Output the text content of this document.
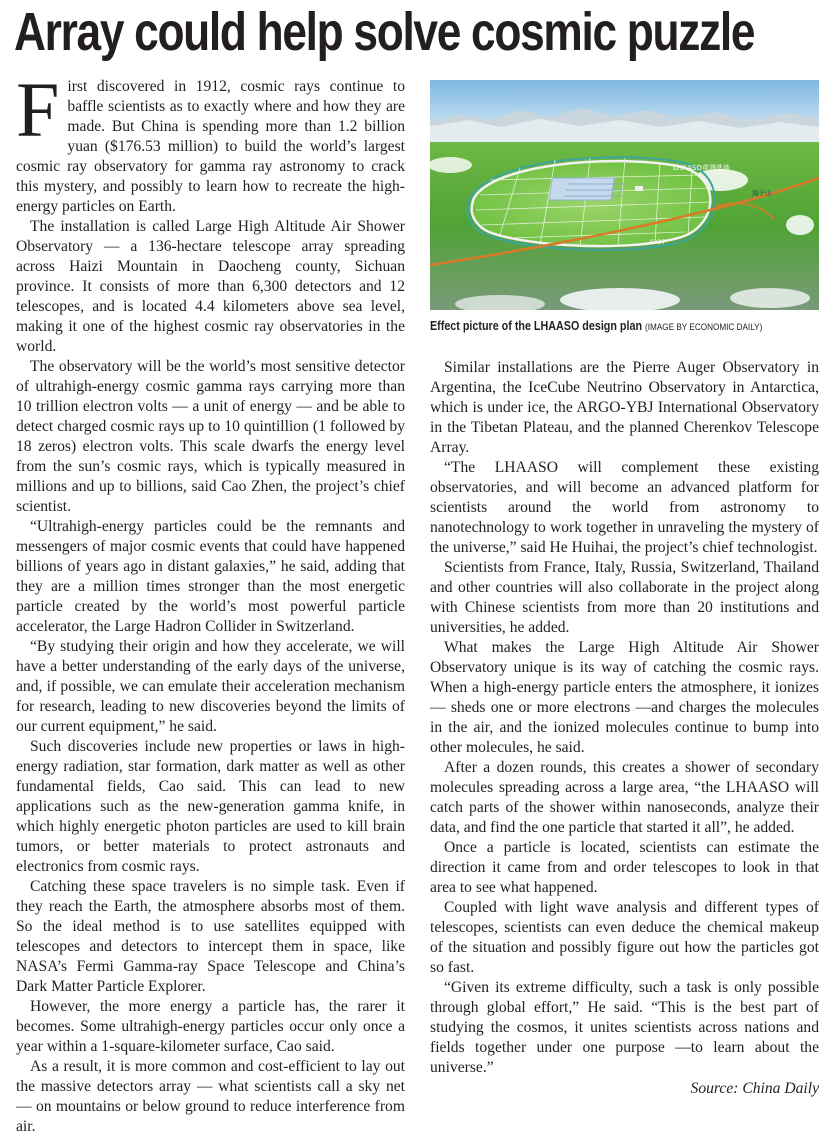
Array could help solve cosmic puzzle

First discovered in 1912, cosmic rays continue to baffle scientists as to exactly where and how they are made. But China is spending more than 1.2 billion yuan ($176.53 million) to build the world’s largest cosmic ray observatory for gamma ray astronomy to crack this mystery, and possibly to learn how to recreate the high-energy particles on Earth.

The installation is called Large High Altitude Air Shower Observatory — a 136-hectare telescope array spreading across Haizi Mountain in Daocheng county, Sichuan province. It consists of more than 6,300 detectors and 12 telescopes, and is located 4.4 kilometers above sea level, making it one of the highest cosmic ray observatories in the world.

The observatory will be the world’s most sensitive detector of ultrahigh-energy cosmic gamma rays carrying more than 10 trillion electron volts — a unit of energy — and be able to detect charged cosmic rays up to 10 quintillion (1 followed by 18 zeros) electron volts. This scale dwarfs the energy level from the sun’s cosmic rays, which is typically measured in millions and up to billions, said Cao Zhen, the project’s chief scientist.

“Ultrahigh-energy particles could be the remnants and messengers of major cosmic events that could have happened billions of years ago in distant galaxies,” he said, adding that they are a million times stronger than the most energetic particle created by the world’s most powerful particle accelerator, the Large Hadron Collider in Switzerland.

“By studying their origin and how they accelerate, we will have a better understanding of the early days of the universe, and, if possible, we can emulate their acceleration mechanism for research, leading to new discoveries beyond the limits of our current equipment,” he said.

Such discoveries include new properties or laws in high-energy radiation, star formation, dark matter as well as other fundamental fields, Cao said. This can lead to new applications such as the new-generation gamma knife, in which highly energetic photon particles are used to kill brain tumors, or better materials to protect astronauts and electronics from cosmic rays.

Catching these space travelers is no simple task. Even if they reach the Earth, the atmosphere absorbs most of them. So the ideal method is to use satellites equipped with telescopes and detectors to intercept them in space, like NASA’s Fermi Gamma-ray Space Telescope and China’s Dark Matter Particle Explorer.

However, the more energy a particle has, the rarer it becomes. Some ultrahigh-energy particles occur only once a year within a 1-square-kilometer surface, Cao said.

As a result, it is more common and cost-efficient to lay out the massive detectors array — what scientists call a sky net — on mountains or below ground to reduce interference from air.

LHAASO观测基地
海子山
S217
Effect picture of the LHAASO design plan (IMAGE BY ECONOMIC DAILY)

Similar installations are the Pierre Auger Observatory in Argentina, the IceCube Neutrino Observatory in Antarctica, which is under ice, the ARGO-YBJ International Observatory in the Tibetan Plateau, and the planned Cherenkov Telescope Array.

“The LHAASO will complement these existing observatories, and will become an advanced platform for scientists around the world from astronomy to nanotechnology to work together in unraveling the mystery of the universe,” said He Huihai, the project’s chief technologist.

Scientists from France, Italy, Russia, Switzerland, Thailand and other countries will also collaborate in the project along with Chinese scientists from more than 20 institutions and universities, he added.

What makes the Large High Altitude Air Shower Observatory unique is its way of catching the cosmic rays. When a high-energy particle enters the atmosphere, it ionizes — sheds one or more electrons —and charges the molecules in the air, and the ionized molecules continue to bump into other molecules, he said.

After a dozen rounds, this creates a shower of secondary molecules spreading across a large area, “the LHAASO will catch parts of the shower within nanoseconds, analyze their data, and find the one particle that started it all”, he added.

Once a particle is located, scientists can estimate the direction it came from and order telescopes to look in that area to see what happened.

Coupled with light wave analysis and different types of telescopes, scientists can even deduce the chemical makeup of the situation and possibly figure out how the particles got so fast.

“Given its extreme difficulty, such a task is only possible through global effort,” He said. “This is the best part of studying the cosmos, it unites scientists across nations and fields together under one purpose —to learn about the universe.”

Source: China Daily
